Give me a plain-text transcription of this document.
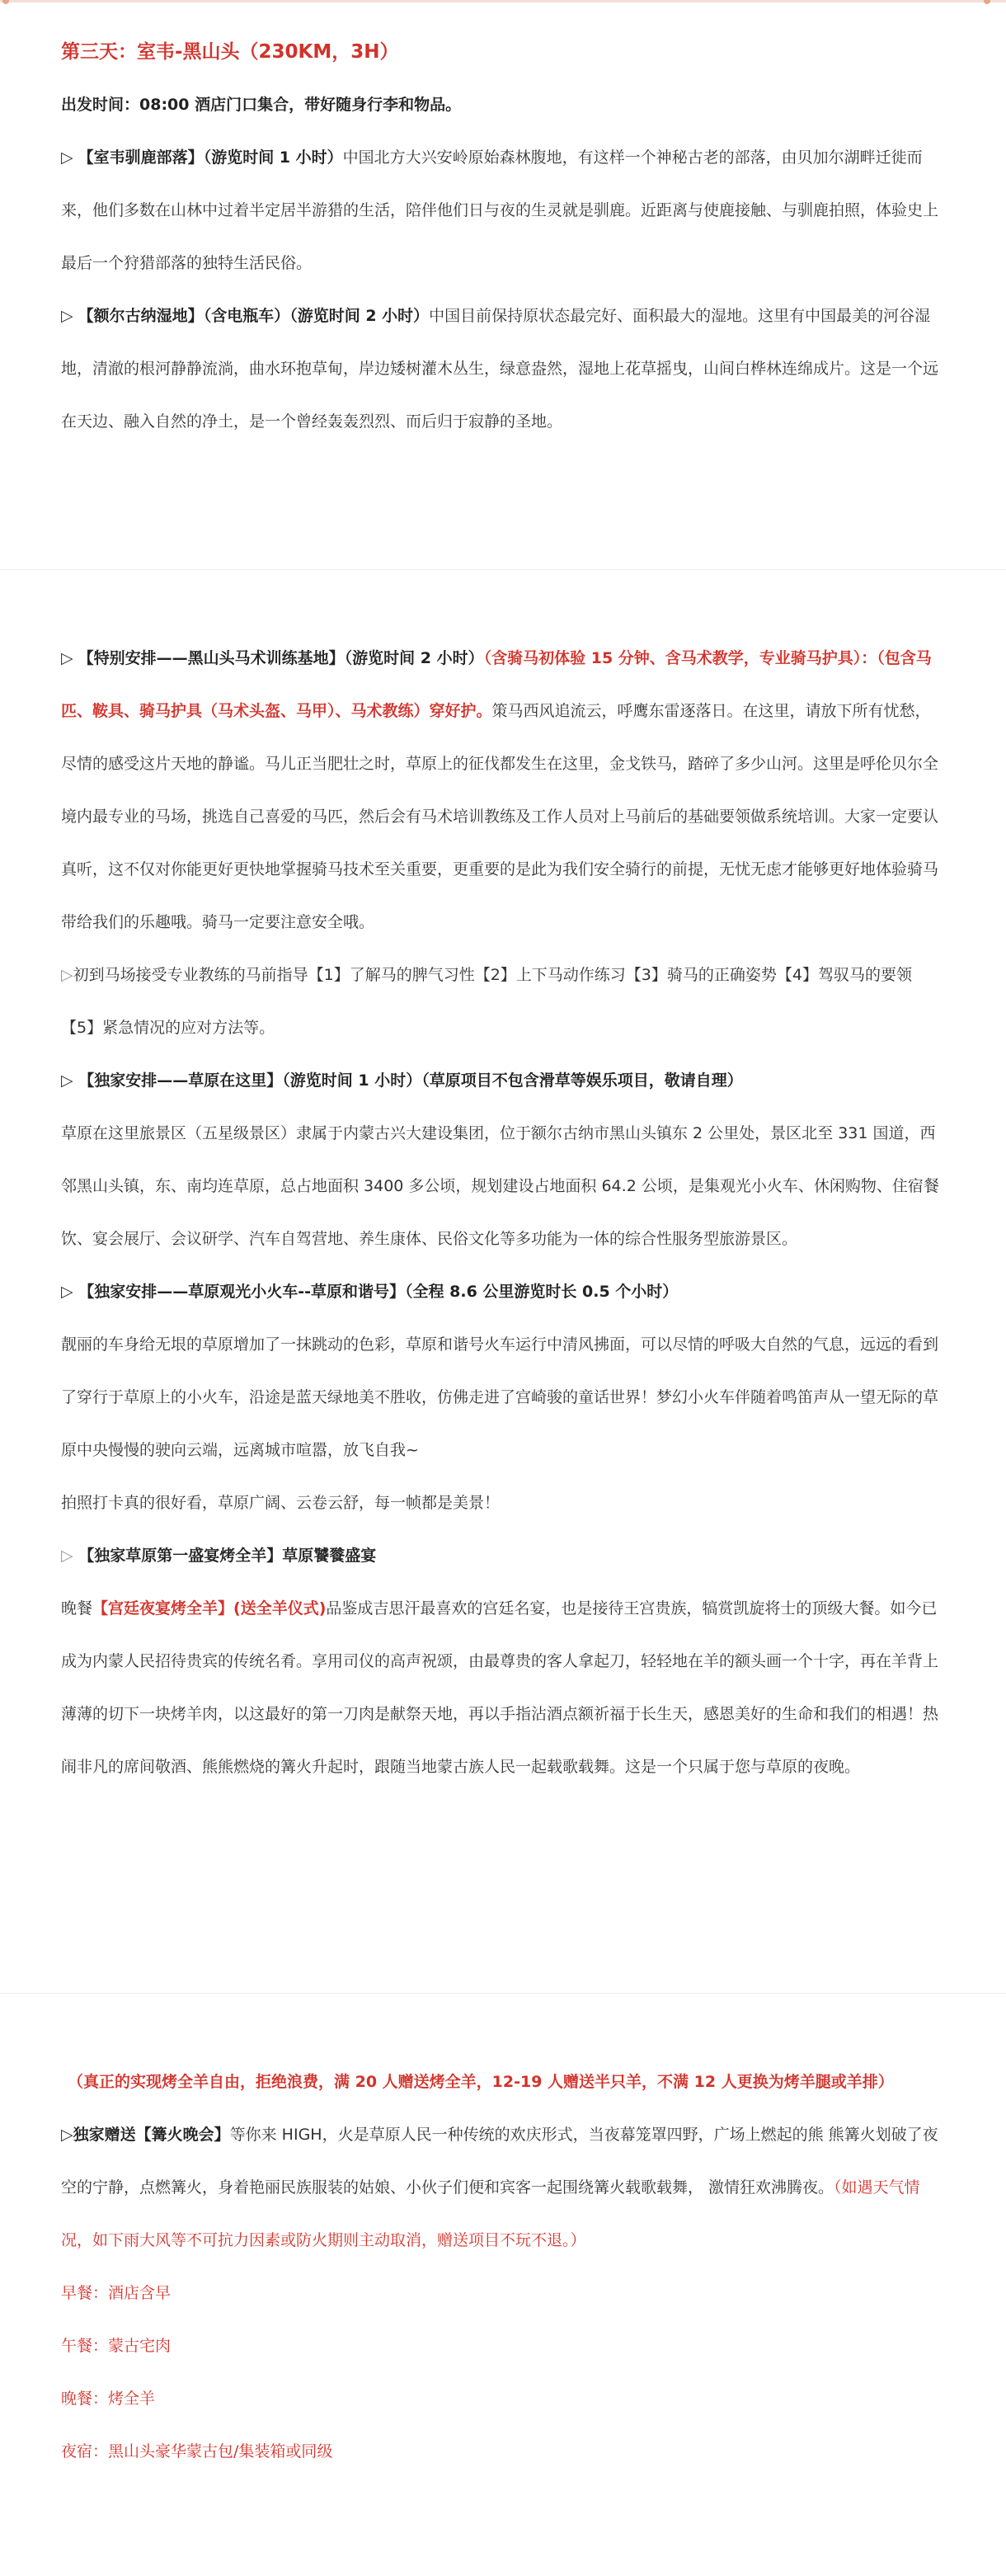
第三天：室韦-黑山头（230KM，3H）

出发时间：08:00 酒店门口集合，带好随身行李和物品。

▷ 【室韦驯鹿部落】（游览时间 1 小时）中国北方大兴安岭原始森林腹地，有这样一个神秘古老的部落，由贝加尔湖畔迁徙而来，他们多数在山林中过着半定居半游猎的生活，陪伴他们日与夜的生灵就是驯鹿。近距离与使鹿接触、与驯鹿拍照，体验史上最后一个狩猎部落的独特生活民俗。

▷ 【额尔古纳湿地】（含电瓶车）（游览时间 2 小时）中国目前保持原状态最完好、面积最大的湿地。这里有中国最美的河谷湿地，清澈的根河静静流淌，曲水环抱草甸，岸边矮树灌木丛生，绿意盎然，湿地上花草摇曳，山间白桦林连绵成片。这是一个远在天边、融入自然的净土，是一个曾经轰轰烈烈、而后归于寂静的圣地。

▷ 【特别安排——黑山头马术训练基地】（游览时间 2 小时）（含骑马初体验 15 分钟、含马术教学，专业骑马护具）：（包含马匹、鞍具、骑马护具（马术头盔、马甲）、马术教练）穿好护。策马西风追流云，呼鹰东雷逐落日。在这里，请放下所有忧愁，尽情的感受这片天地的静谧。马儿正当肥壮之时，草原上的征伐都发生在这里，金戈铁马，踏碎了多少山河。这里是呼伦贝尔全境内最专业的马场，挑选自己喜爱的马匹，然后会有马术培训教练及工作人员对上马前后的基础要领做系统培训。大家一定要认真听，这不仅对你能更好更快地掌握骑马技术至关重要，更重要的是此为我们安全骑行的前提，无忧无虑才能够更好地体验骑马带给我们的乐趣哦。骑马一定要注意安全哦。

▷初到马场接受专业教练的马前指导【1】了解马的脾气习性【2】上下马动作练习【3】骑马的正确姿势【4】驾驭马的要领【5】紧急情况的应对方法等。

▷ 【独家安排——草原在这里】（游览时间 1 小时）（草原项目不包含滑草等娱乐项目，敬请自理）

草原在这里旅景区（五星级景区）隶属于内蒙古兴大建设集团，位于额尔古纳市黑山头镇东 2 公里处，景区北至 331 国道，西邻黑山头镇，东、南均连草原，总占地面积 3400 多公顷，规划建设占地面积 64.2 公顷，是集观光小火车、休闲购物、住宿餐饮、宴会展厅、会议研学、汽车自驾营地、养生康体、民俗文化等多功能为一体的综合性服务型旅游景区。

▷ 【独家安排——草原观光小火车--草原和谐号】（全程 8.6 公里游览时长 0.5 个小时）

靓丽的车身给无垠的草原增加了一抹跳动的色彩，草原和谐号火车运行中清风拂面，可以尽情的呼吸大自然的气息，远远的看到了穿行于草原上的小火车，沿途是蓝天绿地美不胜收，仿佛走进了宫崎骏的童话世界！梦幻小火车伴随着鸣笛声从一望无际的草原中央慢慢的驶向云端，远离城市喧嚣，放飞自我~

拍照打卡真的很好看，草原广阔、云卷云舒，每一帧都是美景！

▷ 【独家草原第一盛宴烤全羊】草原饕餮盛宴

晚餐【宫廷夜宴烤全羊】(送全羊仪式)品鉴成吉思汗最喜欢的宫廷名宴，也是接待王宫贵族，犒赏凯旋将士的顶级大餐。如今已成为内蒙人民招待贵宾的传统名肴。享用司仪的高声祝颂，由最尊贵的客人拿起刀，轻轻地在羊的额头画一个十字，再在羊背上薄薄的切下一块烤羊肉，以这最好的第一刀肉是献祭天地，再以手指沾酒点额祈福于长生天，感恩美好的生命和我们的相遇！热闹非凡的席间敬酒、熊熊燃烧的篝火升起时，跟随当地蒙古族人民一起载歌载舞。这是一个只属于您与草原的夜晚。

（真正的实现烤全羊自由，拒绝浪费，满 20 人赠送烤全羊，12-19 人赠送半只羊，不满 12 人更换为烤羊腿或羊排）

▷独家赠送【篝火晚会】等你来 HIGH，火是草原人民一种传统的欢庆形式，当夜幕笼罩四野，广场上燃起的熊 熊篝火划破了夜空的宁静，点燃篝火，身着艳丽民族服装的姑娘、小伙子们便和宾客一起围绕篝火载歌载舞， 激情狂欢沸腾夜。（如遇天气情况，如下雨大风等不可抗力因素或防火期则主动取消，赠送项目不玩不退。）

早餐：酒店含早

午餐：蒙古宅肉

晚餐：烤全羊

夜宿：黑山头豪华蒙古包/集装箱或同级
